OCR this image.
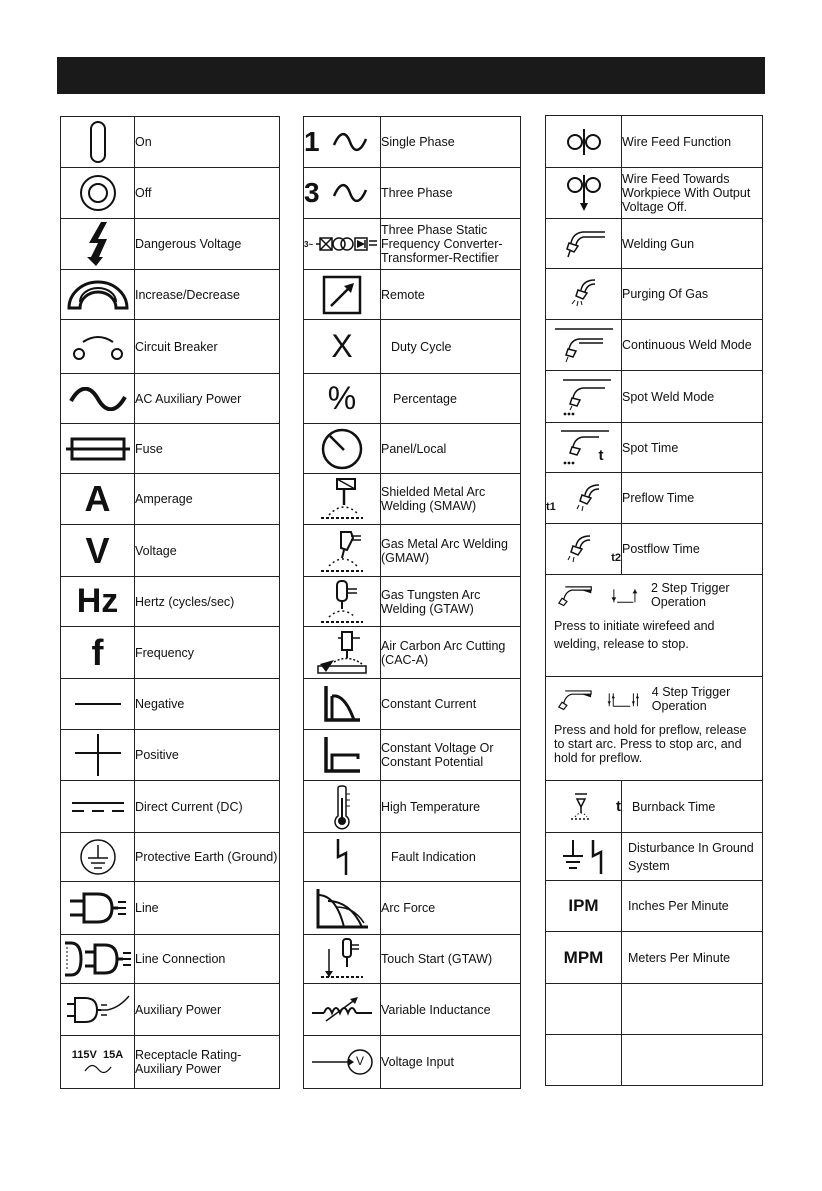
	On

	Off

	Dangerous Voltage

	Increase/Decrease

	Circuit Breaker

	AC Auxiliary Power

	Fuse
A	Amperage
V	Voltage
Hz	Hertz (cycles/sec)
f	Frequency

	Negative

	Positive

	Direct Current (DC)

	Protective Earth (Ground)

	Line

	Line Connection

	Auxiliary Power

115V 15A	Receptacle Rating-Auxiliary Power
1	Single Phase

3	Three Phase

3~	Three Phase Static Frequency Converter-Transformer-Rectifier

	Remote
X	Duty Cycle
%	Percentage

	Panel/Local

	Shielded Metal Arc Welding (SMAW)

	Gas Metal Arc Welding (GMAW)

	Gas Tungsten Arc Welding (GTAW)

	Air Carbon Arc Cutting (CAC-A)

	Constant Current

	Constant Voltage Or Constant Potential

	High Temperature

	Fault Indication

	Arc Force

	Touch Start (GTAW)

	Variable Inductance

V	Voltage Input
	Wire Feed Function

	Wire Feed Towards Workpiece With Output Voltage Off.

	Welding Gun

	Purging Of Gas

	Continuous Weld Mode

	Spot Weld Mode

t	Spot Time

t1	Preflow Time

t2	Postflow Time

2 Step Trigger Operation
Press to initiate wirefeed and welding, release to stop.	

4 Step Trigger Operation
Press and hold for preflow, release to start arc. Press to stop arc, and hold for preflow.	

t	Burnback Time

	Disturbance In Ground System
IPM	Inches Per Minute
MPM	Meters Per Minute
